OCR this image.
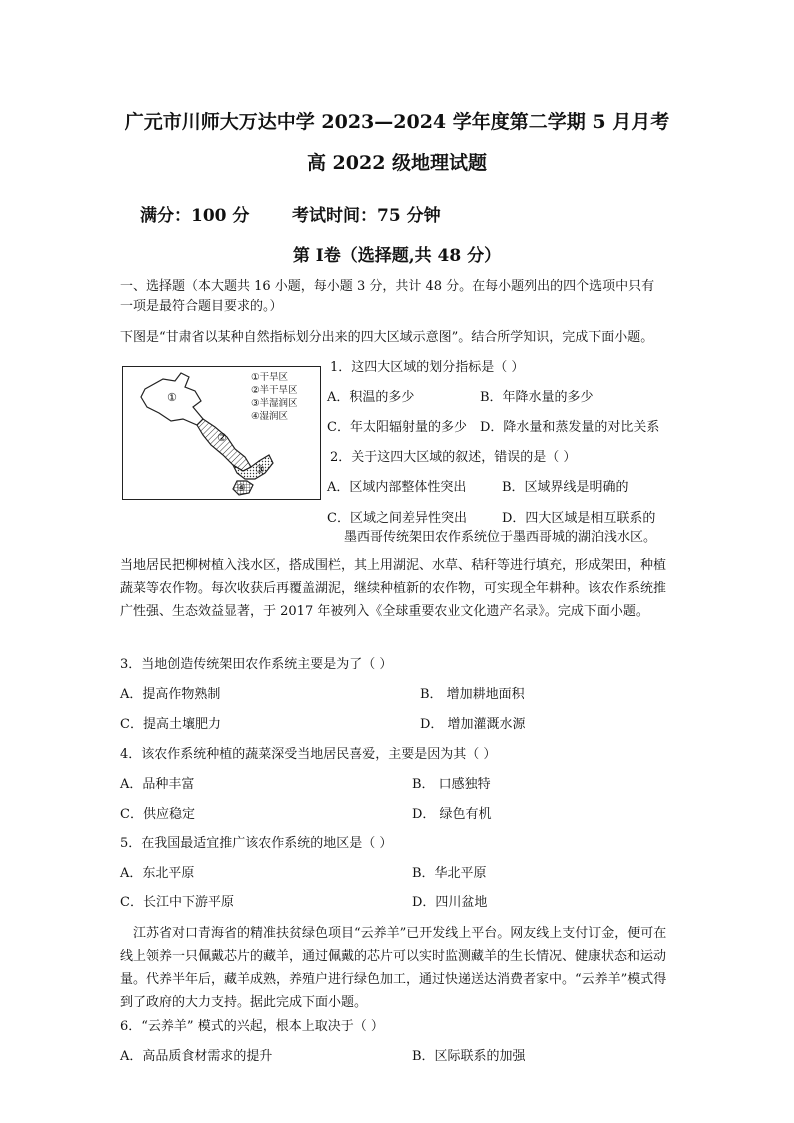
广元市川师大万达中学 2023—2024 学年度第二学期 5 月月考
高 2022 级地理试题
满分：100 分	考试时间：75 分钟
第 Ⅰ卷（选择题,共 48 分）
一、选择题（本大题共 16 小题，每小题 3 分，共计 48 分。在每小题列出的四个选项中只有
一项是最符合题目要求的。）
下图是“甘肃省以某种自然指标划分出来的四大区域示意图”。结合所学知识，完成下面小题。
①
②
③
④
①干旱区
②半干旱区
③半湿润区
④湿润区
1．这四大区域的划分指标是（ ）
A．积温的多少	B．年降水量的多少
C．年太阳辐射量的多少 D．降水量和蒸发量的对比关系
2．关于这四大区域的叙述，错误的是（ ）
A．区域内部整体性突出	B．区域界线是明确的
C．区域之间差异性突出	D．四大区域是相互联系的
墨西哥传统架田农作系统位于墨西哥城的湖泊浅水区。
当地居民把柳树植入浅水区，搭成围栏，其上用湖泥、水草、秸秆等进行填充，形成架田，种植蔬菜等农作物。每次收获后再覆盖湖泥，继续种植新的农作物，可实现全年耕种。该农作系统推广性强、生态效益显著，于 2017 年被列入《全球重要农业文化遗产名录》。完成下面小题。
3．当地创造传统架田农作系统主要是为了（ ）
A．提高作物熟制	B． 增加耕地面积
C．提高土壤肥力	D． 增加灌溉水源
4．该农作系统种植的蔬菜深受当地居民喜爱，主要是因为其（ ）
A．品种丰富	B． 口感独特
C．供应稳定	D． 绿色有机
5．在我国最适宜推广该农作系统的地区是（ ）
A．东北平原	B．华北平原
C．长江中下游平原	D．四川盆地
江苏省对口青海省的精准扶贫绿色项目“云养羊”已开发线上平台。网友线上支付订金，便可在线上领养一只佩戴芯片的藏羊，通过佩戴的芯片可以实时监测藏羊的生长情况、健康状态和运动量。代养半年后，藏羊成熟，养殖户进行绿色加工，通过快递送达消费者家中。“云养羊”模式得到了政府的大力支持。据此完成下面小题。
6．“云养羊” 模式的兴起，根本上取决于（ ）
A．高品质食材需求的提升	B．区际联系的加强
